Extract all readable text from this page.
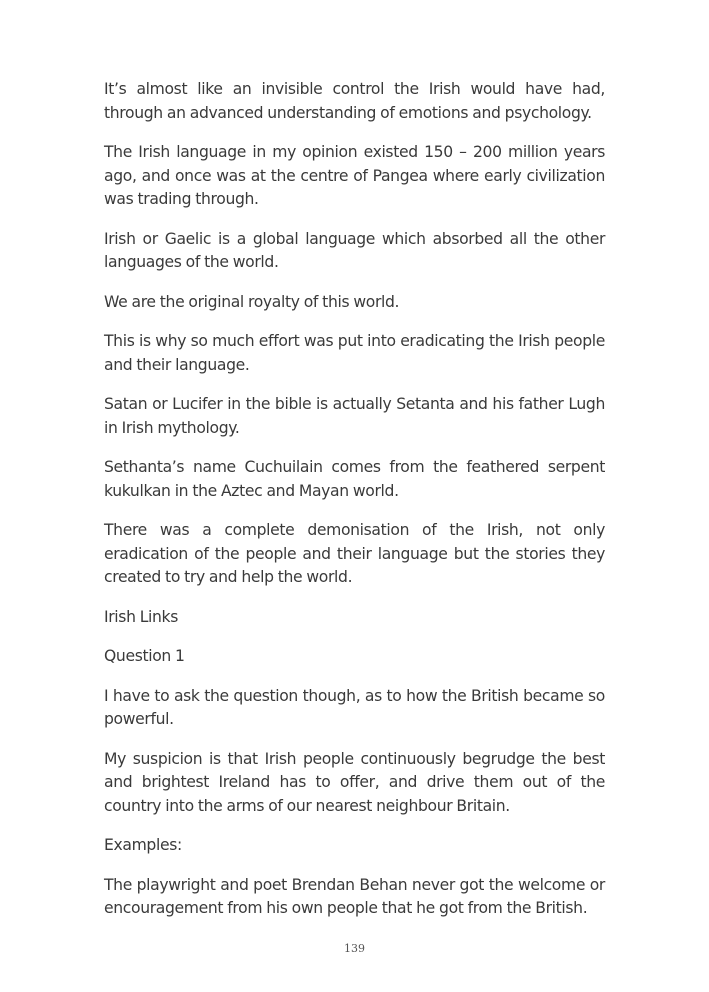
It’s almost like an invisible control the Irish would have had, through an advanced understanding of emotions and psychology.

The Irish language in my opinion existed 150 – 200 million years ago, and once was at the centre of Pangea where early civilization was trading through.

Irish or Gaelic is a global language which absorbed all the other languages of the world.

We are the original royalty of this world.

This is why so much effort was put into eradicating the Irish people and their language.

Satan or Lucifer in the bible is actually Setanta and his father Lugh in Irish mythology.

Sethanta’s name Cuchuilain comes from the feathered serpent kukulkan in the Aztec and Mayan world.

There was a complete demonisation of the Irish, not only eradication of the people and their language but the stories they created to try and help the world.

Irish Links

Question 1

I have to ask the question though, as to how the British became so powerful.

My suspicion is that Irish people continuously begrudge the best and brightest Ireland has to offer, and drive them out of the country into the arms of our nearest neighbour Britain.

Examples:

The playwright and poet Brendan Behan never got the welcome or encouragement from his own people that he got from the British.

139
